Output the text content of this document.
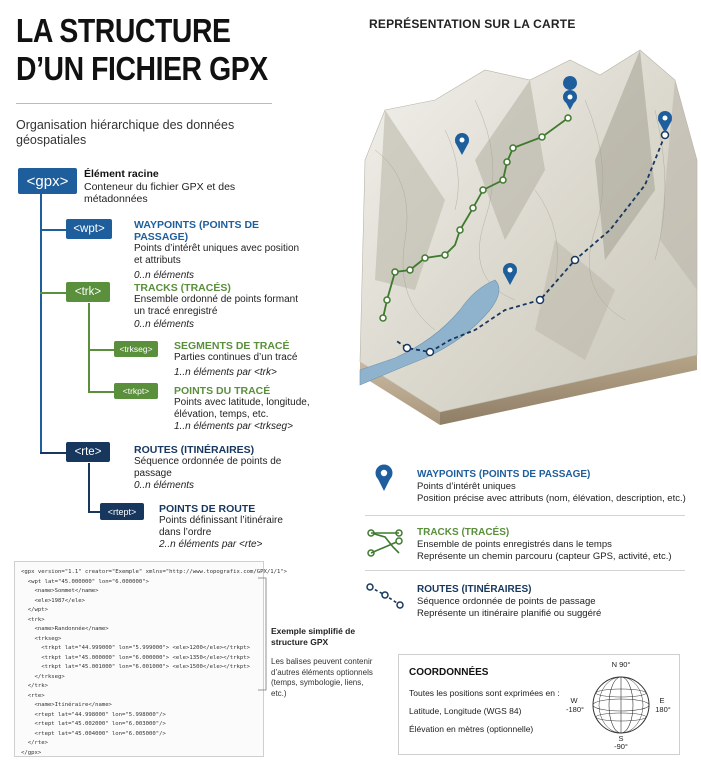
LA STRUCTURE
D’UN FICHIER GPX
Organisation hiérarchique des données géospatiales
<gpx> Élément racine
Conteneur du fichier GPX et des métadonnées
<wpt>	WAYPOINTS (POINTS DE PASSAGE)
Points d’intérêt uniques avec position et attributs
0..n éléments
<trk>	TRACKS (TRACÉS)
Ensemble ordonné de points formant un tracé enregistré
0..n éléments
<trkseg> SEGMENTS DE TRACÉ
Parties continues d’un tracé
1..n éléments par <trk>
<trkpt> POINTS DU TRACÉ
Points avec latitude, longitude, élévation, temps, etc.
1..n éléments par <trkseg>
<rte>	ROUTES (ITINÉRAIRES)
Séquence ordonnée de points de passage
0..n éléments
<rtept> POINTS DE ROUTE
Points définissant l’itinéraire dans l’ordre
2..n éléments par <rte>
<gpx version="1.1" creator="Exemple" xmlns="http://www.topografix.com/GPX/1/1">
<wpt lat="45.000000" lon="6.000000">
<name>Sommet</name>
<ele>1987</ele>
</wpt>
<trk>
<name>Randonnée</name>
<trkseg>
<trkpt lat="44.999000" lon="5.999000"> <ele>1200</ele></trkpt>
<trkpt lat="45.000000" lon="6.000000"> <ele>1350</ele></trkpt>
<trkpt lat="45.001000" lon="6.001000"> <ele>1500</ele></trkpt>
</trkseg>
</trk>
<rte>
<name>Itinéraire</name>
<rtept lat="44.998000" lon="5.998000"/>
<rtept lat="45.002000" lon="6.003000"/>
<rtept lat="45.004000" lon="6.005000"/>
</rte>
</gpx>
Exemple simplifié de structure GPX
Les balises peuvent contenir d’autres éléments optionnels (temps, symbologie, liens, etc.)
REPRÉSENTATION SUR LA CARTE
WAYPOINTS (POINTS DE PASSAGE)
Points d’intérêt uniques
Position précise avec attributs (nom, élévation, description, etc.)
TRACKS (TRACÉS)
Ensemble de points enregistrés dans le temps
Représente un chemin parcouru (capteur GPS, activité, etc.)
ROUTES (ITINÉRAIRES)
Séquence ordonnée de points de passage
Représente un itinéraire planifié ou suggéré
COORDONNÉES
Toutes les positions sont exprimées en :
Latitude, Longitude (WGS 84)
Élévation en mètres (optionnelle)
N 90°
S
-90°
W
-180°
E
180°
